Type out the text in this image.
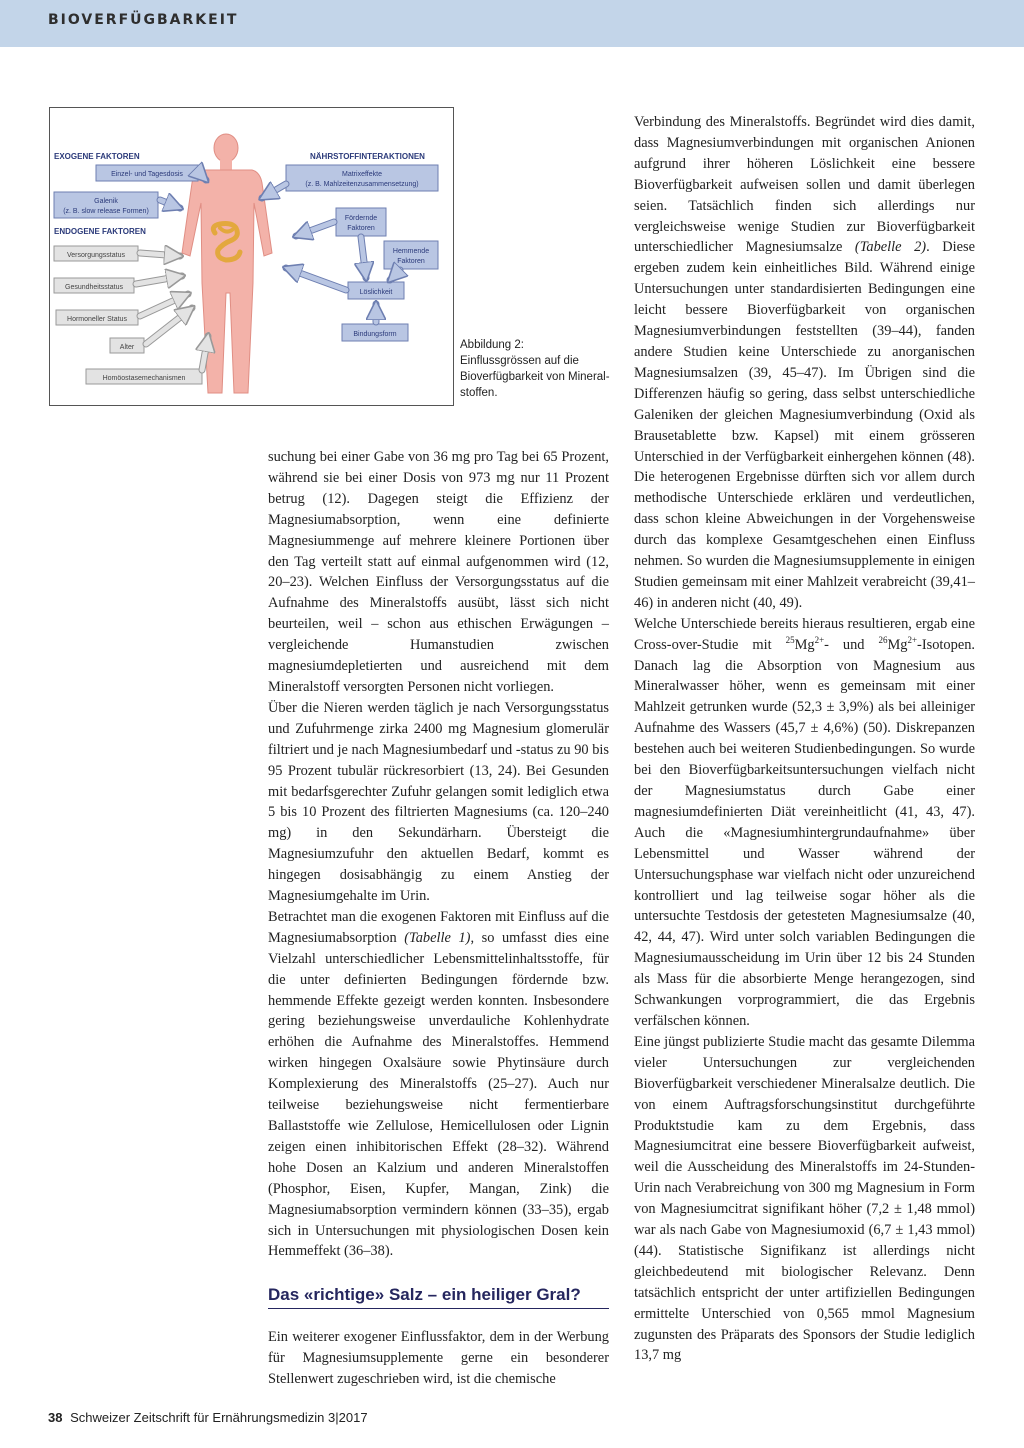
BIOVERFÜGBARKEIT
EXOGENE FAKTOREN	NÄHRSTOFFINTERAKTIONEN
ENDOGENE FAKTOREN
Einzel- und Tagesdosis
Galenik
(z. B. slow release Formen)
Matrixeffekte
(z. B. Mahlzeitenzusammensetzung)
Fördernde
Faktoren
Hemmende
Faktoren
Löslichkeit
Bindungsform
Versorgungsstatus
Gesundheitsstatus
Hormoneller Status
Alter
Homöostasemechanismen
Abbildung 2:
Einflussgrössen auf die
Bioverfügbarkeit von Mineral-
stoffen.

suchung bei einer Gabe von 36 mg pro Tag bei 65 Prozent, während sie bei einer Dosis von 973 mg nur 11 Prozent betrug (12). Dagegen steigt die Effizienz der Magnesiumabsorption, wenn eine definierte Magnesiummenge auf mehrere kleinere Portionen über den Tag verteilt statt auf einmal aufgenommen wird (12, 20–23). Welchen Einfluss der Versorgungsstatus auf die Aufnahme des Mineralstoffs ausübt, lässt sich nicht beurteilen, weil – schon aus ethischen Erwägungen – vergleichende Humanstudien zwischen magnesiumdepletierten und ausreichend mit dem Mineralstoff versorgten Personen nicht vorliegen.

Über die Nieren werden täglich je nach Versorgungsstatus und Zufuhrmenge zirka 2400 mg Magnesium glomerulär filtriert und je nach Magnesiumbedarf und -status zu 90 bis 95 Prozent tubulär rückresorbiert (13, 24). Bei Gesunden mit bedarfsgerechter Zufuhr gelangen somit lediglich etwa 5 bis 10 Prozent des filtrierten Magnesiums (ca. 120–240 mg) in den Sekundärharn. Übersteigt die Magnesiumzufuhr den aktuellen Bedarf, kommt es hingegen dosisabhängig zu einem Anstieg der Magnesiumgehalte im Urin.

Betrachtet man die exogenen Faktoren mit Einfluss auf die Magnesiumabsorption (Tabelle 1), so umfasst dies eine Vielzahl unterschiedlicher Lebensmittelinhaltsstoffe, für die unter definierten Bedingungen fördernde bzw. hemmende Effekte gezeigt werden konnten. Insbesondere gering beziehungsweise unverdauliche Kohlenhydrate erhöhen die Aufnahme des Mineralstoffes. Hemmend wirken hingegen Oxalsäure sowie Phytinsäure durch Komplexierung des Mineralstoffs (25–27). Auch nur teilweise beziehungsweise nicht fermentierbare Ballaststoffe wie Zellulose, Hemicellulosen oder Lignin zeigen einen inhibitorischen Effekt (28–32). Während hohe Dosen an Kalzium und anderen Mineralstoffen (Phosphor, Eisen, Kupfer, Mangan, Zink) die Magnesiumabsorption vermindern können (33–35), ergab sich in Untersuchungen mit physiologischen Dosen kein Hemmeffekt (36–38).

Das «richtige» Salz – ein heiliger Gral?

Ein weiterer exogener Einflussfaktor, dem in der Werbung für Magnesiumsupplemente gerne ein besonderer Stellenwert zugeschrieben wird, ist die chemische

Verbindung des Mineralstoffs. Begründet wird dies damit, dass Magnesiumverbindungen mit organischen Anionen aufgrund ihrer höheren Löslichkeit eine bessere Bioverfügbarkeit aufweisen sollen und damit überlegen seien. Tatsächlich finden sich allerdings nur vergleichsweise wenige Studien zur Bioverfügbarkeit unterschiedlicher Magnesiumsalze (Tabelle 2). Diese ergeben zudem kein einheitliches Bild. Während einige Untersuchungen unter standardisierten Bedingungen eine leicht bessere Bioverfügbarkeit von organischen Magnesiumverbindungen feststellten (39–44), fanden andere Studien keine Unterschiede zu anorganischen Magnesiumsalzen (39, 45–47). Im Übrigen sind die Differenzen häufig so gering, dass selbst unterschiedliche Galeniken der gleichen Magnesiumverbindung (Oxid als Brausetablette bzw. Kapsel) mit einem grösseren Unterschied in der Verfügbarkeit einhergehen können (48). Die heterogenen Ergebnisse dürften sich vor allem durch methodische Unterschiede erklären und verdeutlichen, dass schon kleine Abweichungen in der Vorgehensweise durch das komplexe Gesamtgeschehen einen Einfluss nehmen. So wurden die Magnesiumsupplemente in einigen Studien gemeinsam mit einer Mahlzeit verabreicht (39,41–46) in anderen nicht (40, 49).

Welche Unterschiede bereits hieraus resultieren, ergab eine Cross-over-Studie mit $^{25}Mg^{2+}-$ und $^{26}Mg^{2+}$-Isotopen. Danach lag die Absorption von Magnesium aus Mineralwasser höher, wenn es gemeinsam mit einer Mahlzeit getrunken wurde (52,3 ± 3,9%) als bei alleiniger Aufnahme des Wassers (45,7 ± 4,6%) (50). Diskrepanzen bestehen auch bei weiteren Studienbedingungen. So wurde bei den Bioverfügbarkeitsuntersuchungen vielfach nicht der Magnesiumstatus durch Gabe einer magnesiumdefinierten Diät vereinheitlicht (41, 43, 47). Auch die «Magnesiumhintergrundaufnahme» über Lebensmittel und Wasser während der Untersuchungsphase war vielfach nicht oder unzureichend kontrolliert und lag teilweise sogar höher als die untersuchte Testdosis der getesteten Magnesiumsalze (40, 42, 44, 47). Wird unter solch variablen Bedingungen die Magnesiumausscheidung im Urin über 12 bis 24 Stunden als Mass für die absorbierte Menge herangezogen, sind Schwankungen vorprogrammiert, die das Ergebnis verfälschen können.

Eine jüngst publizierte Studie macht das gesamte Dilemma vieler Untersuchungen zur vergleichenden Bioverfügbarkeit verschiedener Mineralsalze deutlich. Die von einem Auftragsforschungsinstitut durchgeführte Produktstudie kam zu dem Ergebnis, dass Magnesiumcitrat eine bessere Bioverfügbarkeit aufweist, weil die Ausscheidung des Mineralstoffs im 24-Stunden-Urin nach Verabreichung von 300 mg Magnesium in Form von Magnesiumcitrat signifikant höher (7,2 ± 1,48 mmol) war als nach Gabe von Magnesiumoxid (6,7 ± 1,43 mmol) (44). Statistische Signifikanz ist allerdings nicht gleichbedeutend mit biologischer Relevanz. Denn tatsächlich entspricht der unter artifiziellen Bedingungen ermittelte Unterschied von 0,565 mmol Magnesium zugunsten des Präparats des Sponsors der Studie lediglich 13,7 mg

38 Schweizer Zeitschrift für Ernährungsmedizin 3|2017
